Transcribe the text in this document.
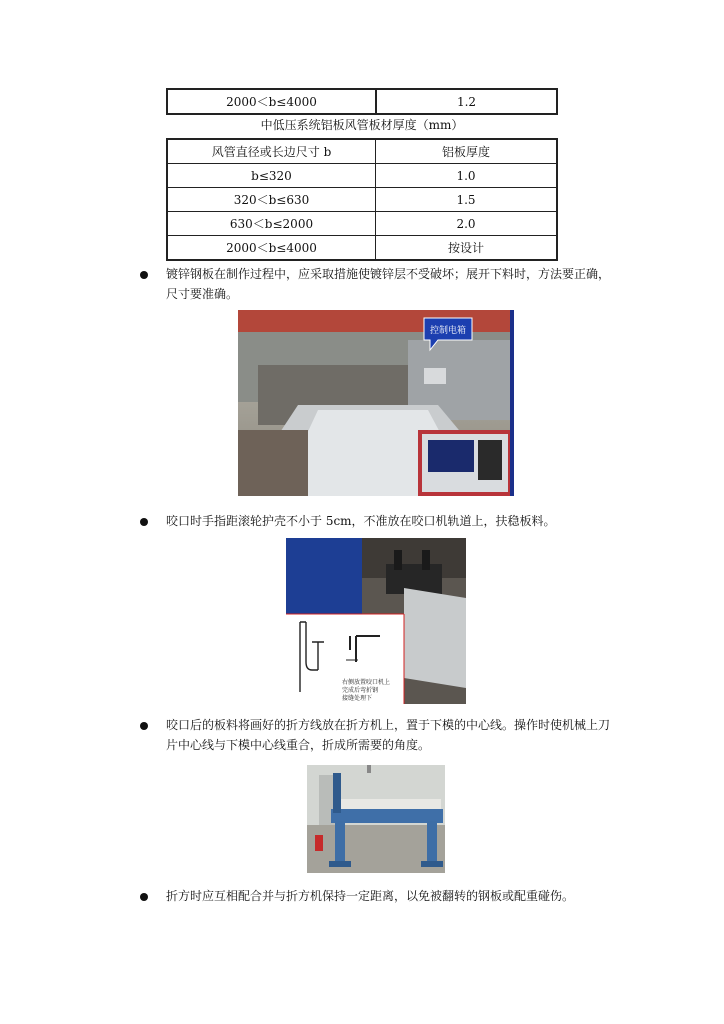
2000＜b≤4000	1.2
中低压系统铝板风管板材厚度（mm）
风管直径或长边尺寸 b	铝板厚度
b≤320	1.0
320＜b≤630	1.5
630＜b≤2000	2.0
2000＜b≤4000	按设计
镀锌钢板在制作过程中，应采取措施使镀锌层不受破坏；展开下料时，方法要正确，尺寸要准确。
控制电箱
咬口时手指距滚轮护壳不小于 5cm，不准放在咬口机轨道上，扶稳板料。
右侧放置咬口机上
完成后弯折钢
接缝处理下
咬口后的板料将画好的折方线放在折方机上，置于下模的中心线。操作时使机械上刀片中心线与下模中心线重合，折成所需要的角度。
折方时应互相配合并与折方机保持一定距离，以免被翻转的钢板或配重碰伤。
